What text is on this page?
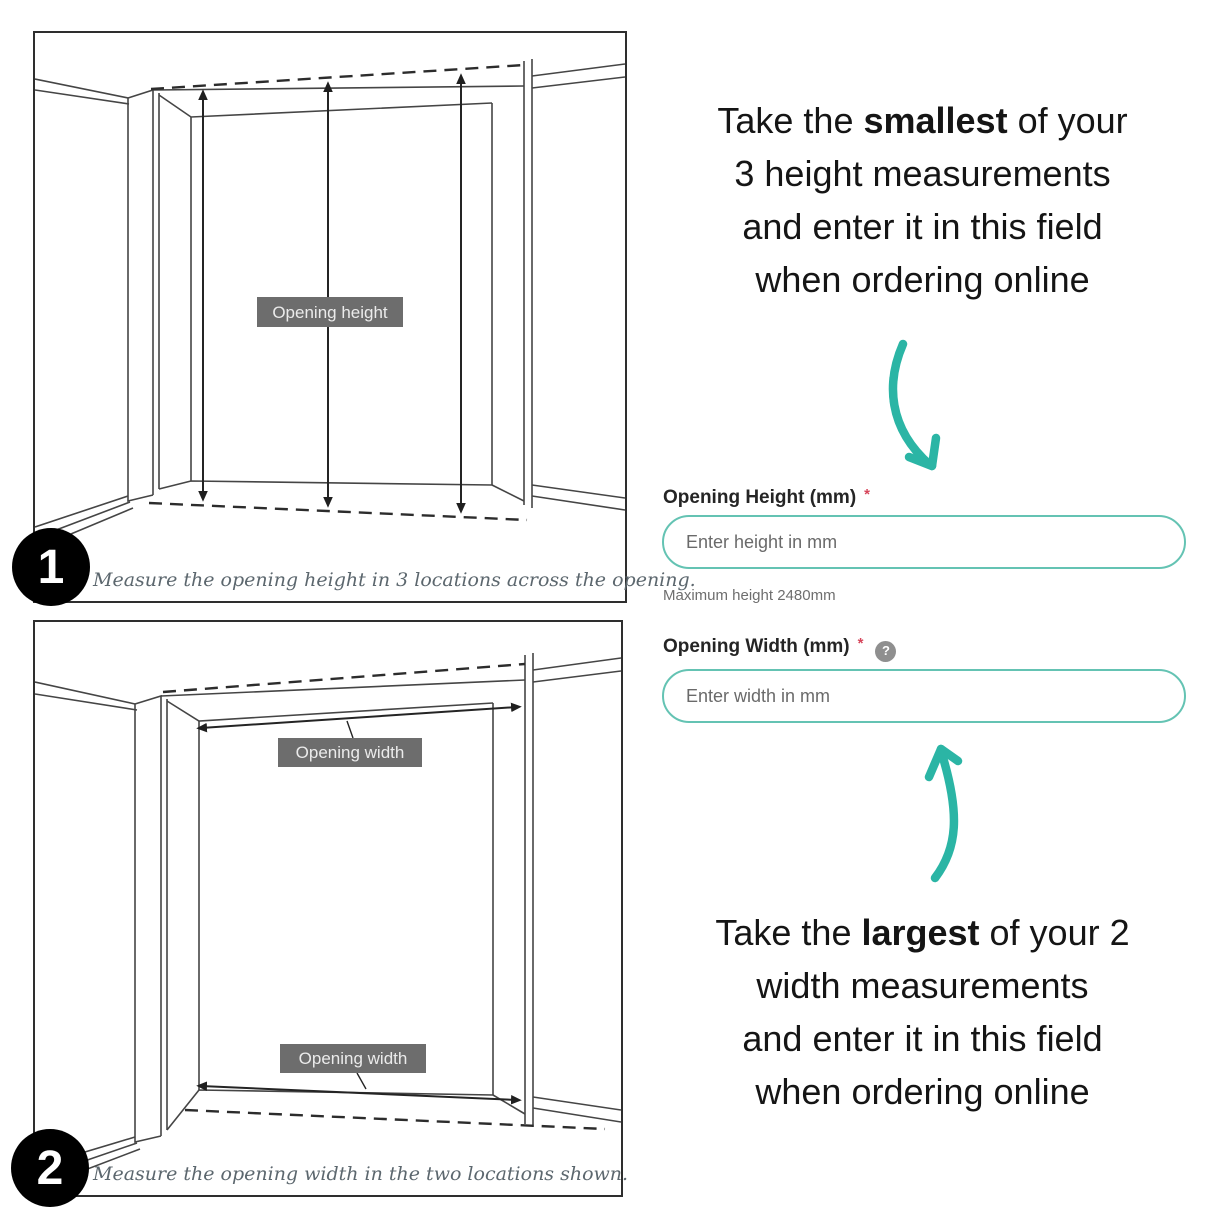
Opening height
Measure the opening height in 3 locations across the opening.
1
Opening width
Opening width
Measure the opening width in the two locations shown.
2

Take the smallest of your
3 height measurements
and enter it in this field
when ordering online

Opening Height (mm) *
Enter height in mm
Maximum height 2480mm
Opening Width (mm) * ?
Enter width in mm

Take the largest of your 2
width measurements
and enter it in this field
when ordering online
